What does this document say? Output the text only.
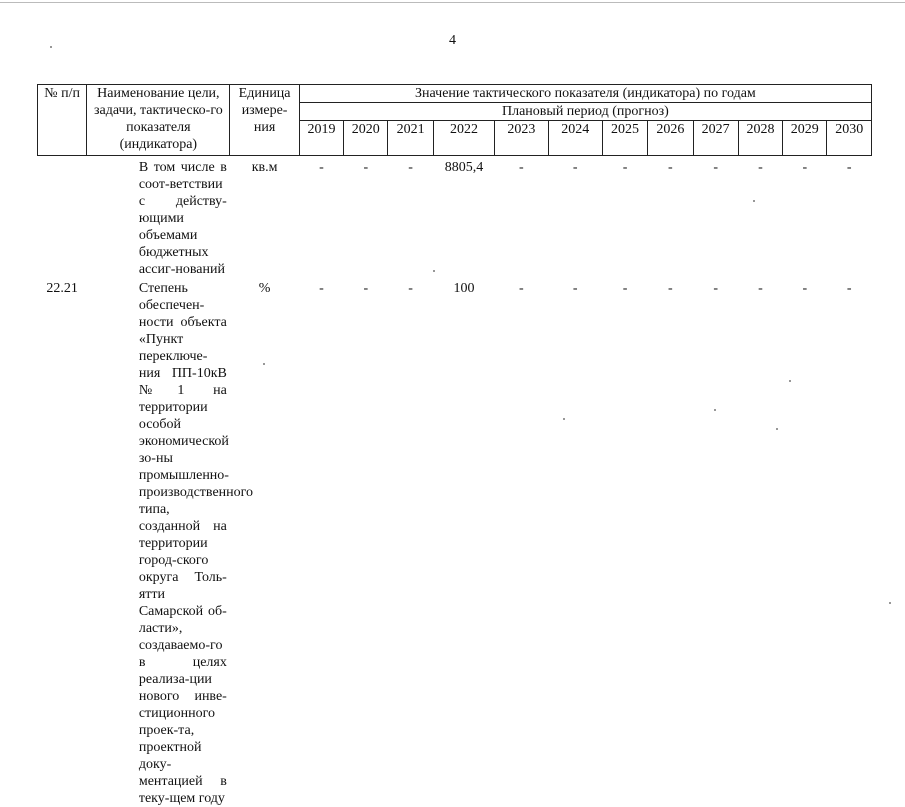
4
№ п/п	Наименование цели, задачи, тактическо-го показателя (индикатора)	Единица измере-ния	Значение тактического показателя (индикатора) по годам											
			Плановый период (прогноз)											
			2019	2020	2021	2022	2023	2024	2025	2026	2027	2028	2029	2030
	В том числе в соот-ветствии с действу-ющими объемами бюджетных ассиг-нований	кв.м	-	-	-	8805,4	-	-	-	-	-	-	-	-
22.21	Степень обеспечен-ности объекта «Пункт переключе-ния ПП-10кВ №1 на территории особой экономической зо-ны промышленно-производственного типа, созданной на территории город-ского округа Толь-ятти Самарской об-ласти», создаваемо-го в целях реализа-ции нового инве-стиционного проек-та, проектной доку-ментацией в теку-щем году	%	-	-	-	100	-	-	-	-	-	-	-	-
